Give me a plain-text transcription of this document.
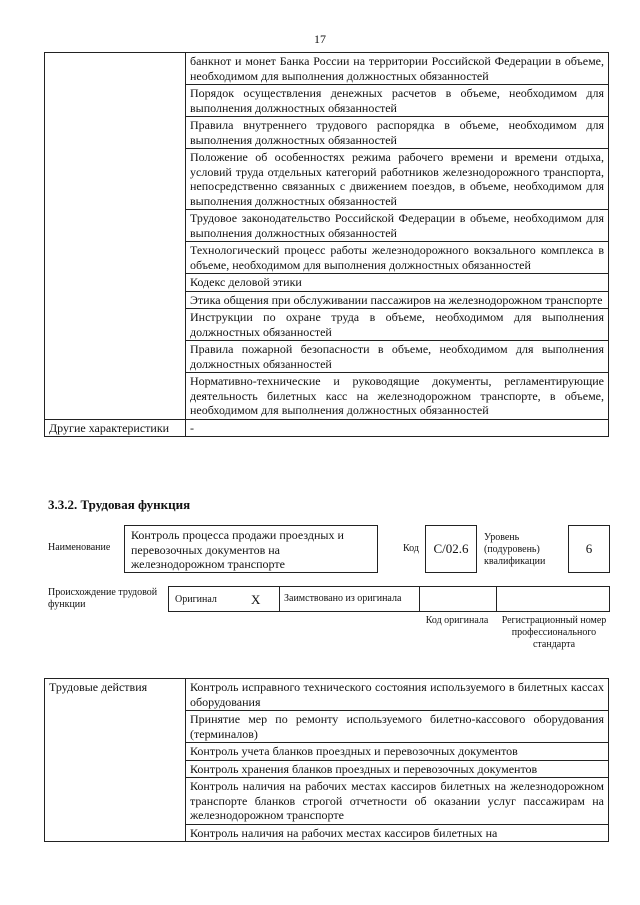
17
	банкнот и монет Банка России на территории Российской Федерации в объеме, необходимом для выполнения должностных обязанностей
	Порядок осуществления денежных расчетов в объеме, необходимом для выполнения должностных обязанностей
	Правила внутреннего трудового распорядка в объеме, необходимом для выполнения должностных обязанностей
	Положение об особенностях режима рабочего времени и времени отдыха, условий труда отдельных категорий работников железнодорожного транспорта, непосредственно связанных с движением поездов, в объеме, необходимом для выполнения должностных обязанностей
	Трудовое законодательство Российской Федерации в объеме, необходимом для выполнения должностных обязанностей
	Технологический процесс работы железнодорожного вокзального комплекса в объеме, необходимом для выполнения должностных обязанностей
	Кодекс деловой этики
	Этика общения при обслуживании пассажиров на железнодорожном транспорте
	Инструкции по охране труда в объеме, необходимом для выполнения должностных обязанностей
	Правила пожарной безопасности в объеме, необходимом для выполнения должностных обязанностей
	Нормативно-технические и руководящие документы, регламентирующие деятельность билетных касс на железнодорожном транспорте, в объеме, необходимом для выполнения должностных обязанностей
Другие характеристики	-
3.3.2. Трудовая функция
Наименование
Контроль процесса продажи проездных и перевозочных документов на железнодорожном транспорте
Код	С/02.6
Уровень (подуровень) квалификации
6
Происхождение трудовой функции	Оригинал	X	Заимствовано из оригинала
Код оригинала Регистрационный номер профессионального стандарта
Трудовые действия	Контроль исправного технического состояния используемого в билетных кассах оборудования
Принятие мер по ремонту используемого билетно-кассового оборудования (терминалов)
Контроль учета бланков проездных и перевозочных документов
Контроль хранения бланков проездных и перевозочных документов
Контроль наличия на рабочих местах кассиров билетных на железнодорожном транспорте бланков строгой отчетности об оказании услуг пассажирам на железнодорожном транспорте
Контроль наличия на рабочих местах кассиров билетных на
